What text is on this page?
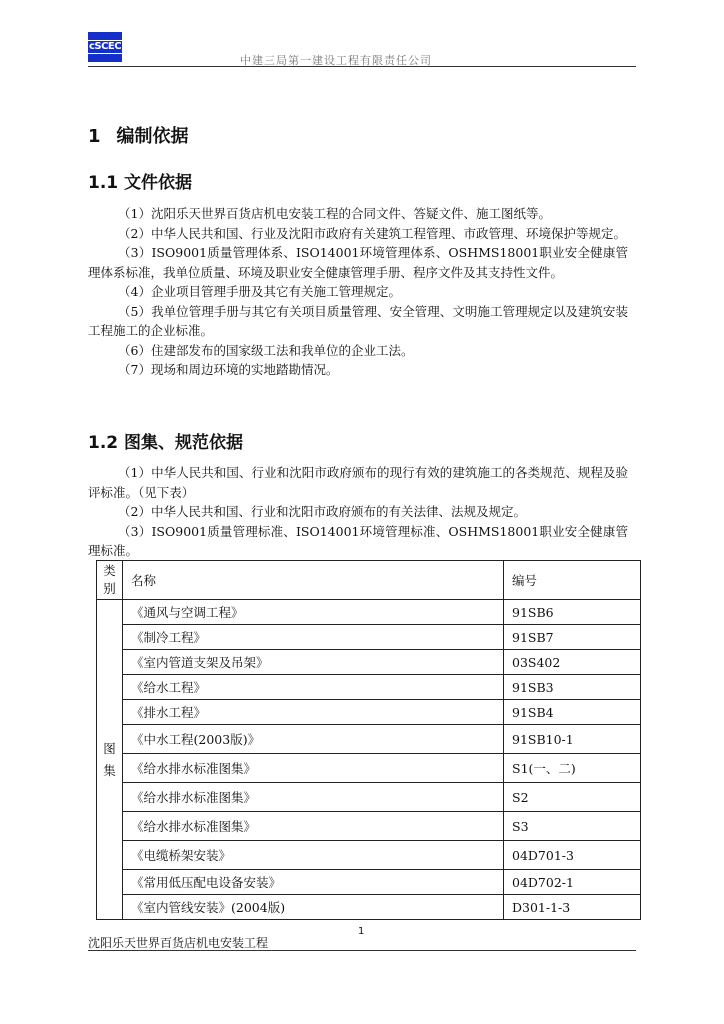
cSCEC
中建三局第一建设工程有限责任公司
1 编制依据
1.1 文件依据

（1）沈阳乐天世界百货店机电安装工程的合同文件、答疑文件、施工图纸等。

（2）中华人民共和国、行业及沈阳市政府有关建筑工程管理、市政管理、环境保护等规定。

（3）ISO9001质量管理体系、ISO14001环境管理体系、OSHMS18001职业安全健康管理体系标准，我单位质量、环境及职业安全健康管理手册、程序文件及其支持性文件。

（4）企业项目管理手册及其它有关施工管理规定。

（5）我单位管理手册与其它有关项目质量管理、安全管理、文明施工管理规定以及建筑安装工程施工的企业标准。

（6）住建部发布的国家级工法和我单位的企业工法。

（7）现场和周边环境的实地踏勘情况。

1.2 图集、规范依据

（1）中华人民共和国、行业和沈阳市政府颁布的现行有效的建筑施工的各类规范、规程及验评标准。（见下表）

（2）中华人民共和国、行业和沈阳市政府颁布的有关法律、法规及规定。

（3）ISO9001质量管理标准、ISO14001环境管理标准、OSHMS18001职业安全健康管理标准。

类别	名称	编号
图集	《通风与空调工程》	91SB6
	《制冷工程》	91SB7
	《室内管道支架及吊架》	03S402
	《给水工程》	91SB3
	《排水工程》	91SB4
	《中水工程(2003版)》	91SB10-1
	《给水排水标准图集》	S1(一、二)
	《给水排水标准图集》	S2
	《给水排水标准图集》	S3
	《电缆桥架安装》	04D701-3
	《常用低压配电设备安装》	04D702-1
	《室内管线安装》(2004版)	D301-1-3
1
沈阳乐天世界百货店机电安装工程
